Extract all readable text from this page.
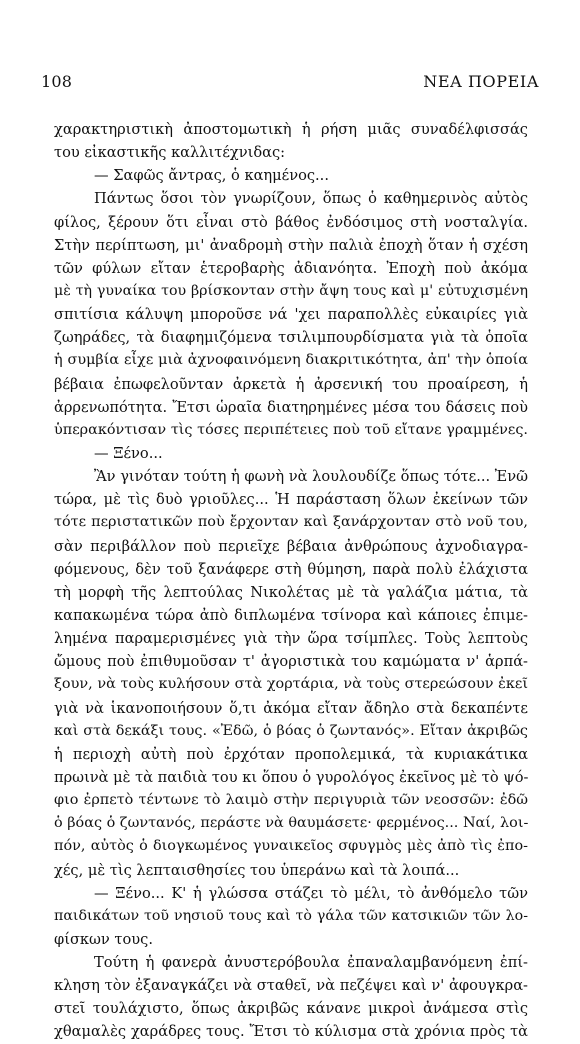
108	ΝΕΑ ΠΟΡΕΙΑ
χαρακτηριστικὴ ἀποστομωτικὴ ἡ ρήση μιᾶς συναδέλφισσάς
του εἰκαστικῆς καλλιτέχνιδας:
— Σαφῶς ἄντρας, ὁ καημένος...
Πάντως ὅσοι τὸν γνωρίζουν, ὅπως ὁ καθημερινὸς αὐτὸς
φίλος, ξέρουν ὅτι εἶναι στὸ βάθος ἐνδόσιμος στὴ νοσταλγία.
Στὴν περίπτωση, μι' ἀναδρομὴ στὴν παλιὰ ἐποχὴ ὅταν ἡ σχέση
τῶν φύλων εἴταν ἑτεροβαρὴς ἀδιανόητα. Ἐποχὴ ποὺ ἀκόμα
μὲ τὴ γυναίκα του βρίσκονταν στὴν ἄψη τους καὶ μ' εὐτυχισμένη
σπιτίσια κάλυψη μποροῦσε νά 'χει παραπολλὲς εὐκαιρίες γιὰ
ζωηράδες, τὰ διαφημιζόμενα τσιλιμπουρδίσματα γιὰ τὰ ὁποῖα
ἡ συμβία εἶχε μιὰ ἀχνοφαινόμενη διακριτικότητα, ἀπ' τὴν ὁποία
βέβαια ἐπωφελοῦνταν ἀρκετὰ ἡ ἀρσενική του προαίρεση, ἡ
ἀρρενωπότητα. Ἔτσι ὡραῖα διατηρημένες μέσα του δάσεις ποὺ
ὑπερακόντισαν τὶς τόσες περιπέτειες ποὺ τοῦ εἴτανε γραμμένες.
— Ξένο...
Ἂν γινόταν τούτη ἡ φωνὴ νὰ λουλουδίζε ὅπως τότε... Ἐνῶ
τώρα, μὲ τὶς δυὸ γριοῦλες... Ἡ παράσταση ὅλων ἐκείνων τῶν
τότε περιστατικῶν ποὺ ἔρχονταν καὶ ξανάρχονταν στὸ νοῦ του,
σὰν περιβάλλον ποὺ περιεῖχε βέβαια ἀνθρώπους ἀχνοδιαγρα-
φόμενους, δὲν τοῦ ξανάφερε στὴ θύμηση, παρὰ πολὺ ἐλάχιστα
τὴ μορφὴ τῆς λεπτούλας Νικολέτας μὲ τὰ γαλάζια μάτια, τὰ
καπακωμένα τώρα ἀπὸ διπλωμένα τσίνορα καὶ κάποιες ἐπιμε-
λημένα παραμερισμένες γιὰ τὴν ὥρα τσίμπλες. Τοὺς λεπτοὺς
ὤμους ποὺ ἐπιθυμοῦσαν τ' ἀγοριστικὰ του καμώματα ν' ἁρπά-
ξουν, νὰ τοὺς κυλήσουν στὰ χορτάρια, νὰ τοὺς στερεώσουν ἐκεῖ
γιὰ νὰ ἱκανοποιήσουν ὅ,τι ἀκόμα εἴταν ἄδηλο στὰ δεκαπέντε
καὶ στὰ δεκάξι τους. «Ἐδῶ, ὁ βόας ὁ ζωντανός». Εἴταν ἀκριβῶς
ἡ περιοχὴ αὐτὴ ποὺ ἐρχόταν προπολεμικά, τὰ κυριακάτικα
πρωινὰ μὲ τὰ παιδιὰ του κι ὅπου ὁ γυρολόγος ἐκεῖνος μὲ τὸ ψό-
φιο ἐρπετὸ τέντωνε τὸ λαιμὸ στὴν περιγυριὰ τῶν νεοσσῶν: ἐδῶ
ὁ βόας ὁ ζωντανός, περάστε νὰ θαυμάσετε· φερμένος... Ναί, λοι-
πόν, αὐτὸς ὁ διογκωμένος γυναικεῖος σφυγμὸς μὲς ἀπὸ τὶς ἐπο-
χές, μὲ τὶς λεπταισθησίες του ὑπεράνω καὶ τὰ λοιπά...
— Ξένο... Κ' ἡ γλώσσα στάζει τὸ μέλι, τὸ ἀνθόμελο τῶν
παιδικάτων τοῦ νησιοῦ τους καὶ τὸ γάλα τῶν κατσικιῶν τῶν λο-
φίσκων τους.
Τούτη ἡ φανερὰ ἀνυστερόβουλα ἐπαναλαμβανόμενη ἐπί-
κληση τὸν ἐξαναγκάζει νὰ σταθεῖ, νὰ πεζέψει καὶ ν' ἀφουγκρα-
στεῖ τουλάχιστο, ὅπως ἀκριβῶς κάνανε μικροὶ ἀνάμεσα στὶς
χθαμαλὲς χαράδρες τους. Ἔτσι τὸ κύλισμα στὰ χρόνια πρὸς τὰ
